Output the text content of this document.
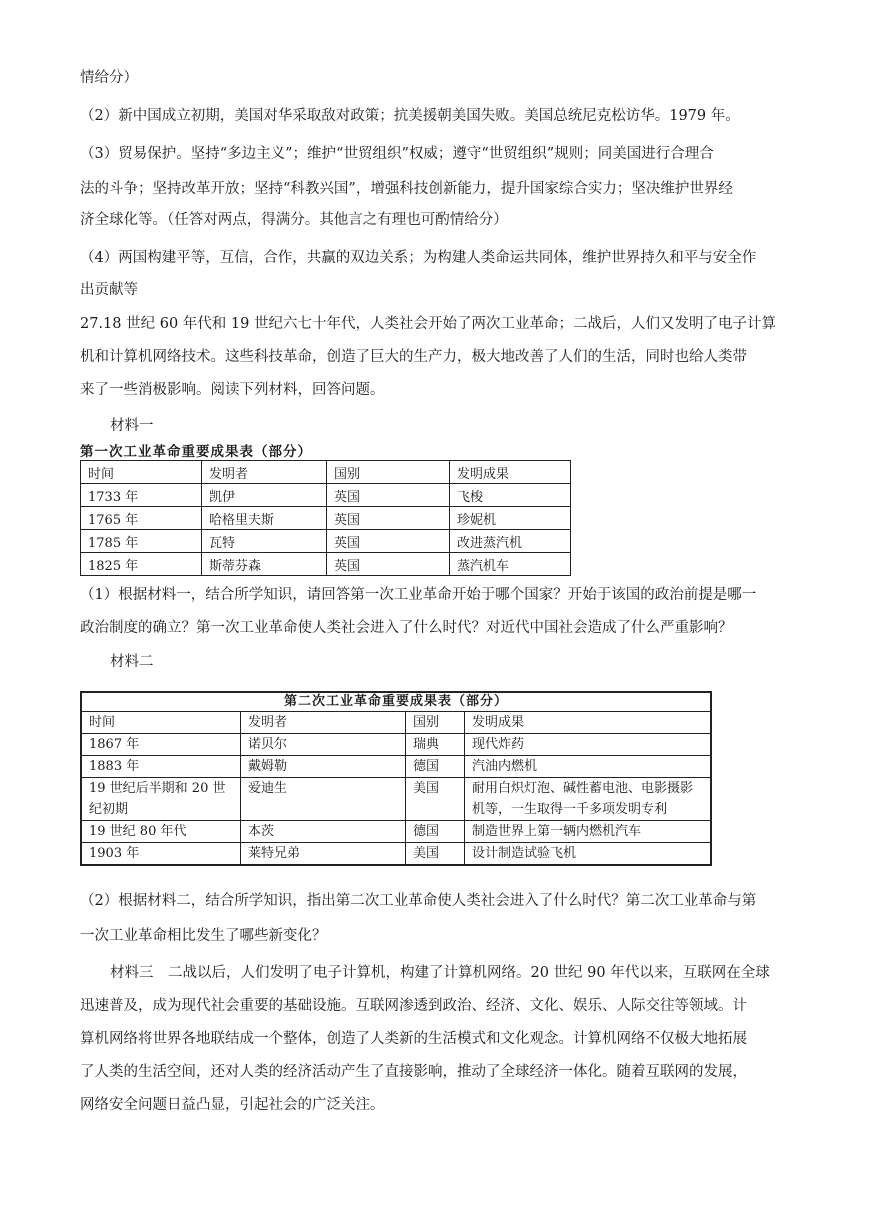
情给分）
（2）新中国成立初期，美国对华采取敌对政策；抗美援朝美国失败。美国总统尼克松访华。1979 年。
（3）贸易保护。坚持“多边主义”；维护“世贸组织”权威；遵守“世贸组织”规则；同美国进行合理合
法的斗争；坚持改革开放；坚持“科教兴国”，增强科技创新能力，提升国家综合实力；坚决维护世界经
济全球化等。（任答对两点，得满分。其他言之有理也可酌情给分）
（4）两国构建平等，互信，合作，共赢的双边关系；为构建人类命运共同体，维护世界持久和平与安全作
出贡献等
27.18 世纪 60 年代和 19 世纪六七十年代，人类社会开始了两次工业革命；二战后，人们又发明了电子计算
机和计算机网络技术。这些科技革命，创造了巨大的生产力，极大地改善了人们的生活，同时也给人类带
来了一些消极影响。阅读下列材料，回答问题。
材料一
第一次工业革命重要成果表（部分）
时间	发明者	国别	发明成果
1733 年	凯伊	英国	飞梭
1765 年	哈格里夫斯	英国	珍妮机
1785 年	瓦特	英国	改进蒸汽机
1825 年	斯蒂芬森	英国	蒸汽机车
（1）根据材料一，结合所学知识，请回答第一次工业革命开始于哪个国家？开始于该国的政治前提是哪一
政治制度的确立？第一次工业革命使人类社会进入了什么时代？对近代中国社会造成了什么严重影响？
材料二
第二次工业革命重要成果表（部分）			
时间	发明者	国别	发明成果
1867 年	诺贝尔	瑞典	现代炸药
1883 年	戴姆勒	德国	汽油内燃机
19 世纪后半期和 20 世纪初期	爱迪生	美国	耐用白炽灯泡、碱性蓄电池、电影摄影机等，一生取得一千多项发明专利
19 世纪 80 年代	本茨	德国	制造世界上第一辆内燃机汽车
1903 年	莱特兄弟	美国	设计制造试验飞机
（2）根据材料二，结合所学知识，指出第二次工业革命使人类社会进入了什么时代？第二次工业革命与第
一次工业革命相比发生了哪些新变化？
材料三　二战以后，人们发明了电子计算机，构建了计算机网络。20 世纪 90 年代以来，互联网在全球
迅速普及，成为现代社会重要的基础设施。互联网渗透到政治、经济、文化、娱乐、人际交往等领域。计
算机网络将世界各地联结成一个整体，创造了人类新的生活模式和文化观念。计算机网络不仅极大地拓展
了人类的生活空间，还对人类的经济活动产生了直接影响，推动了全球经济一体化。随着互联网的发展，
网络安全问题日益凸显，引起社会的广泛关注。
